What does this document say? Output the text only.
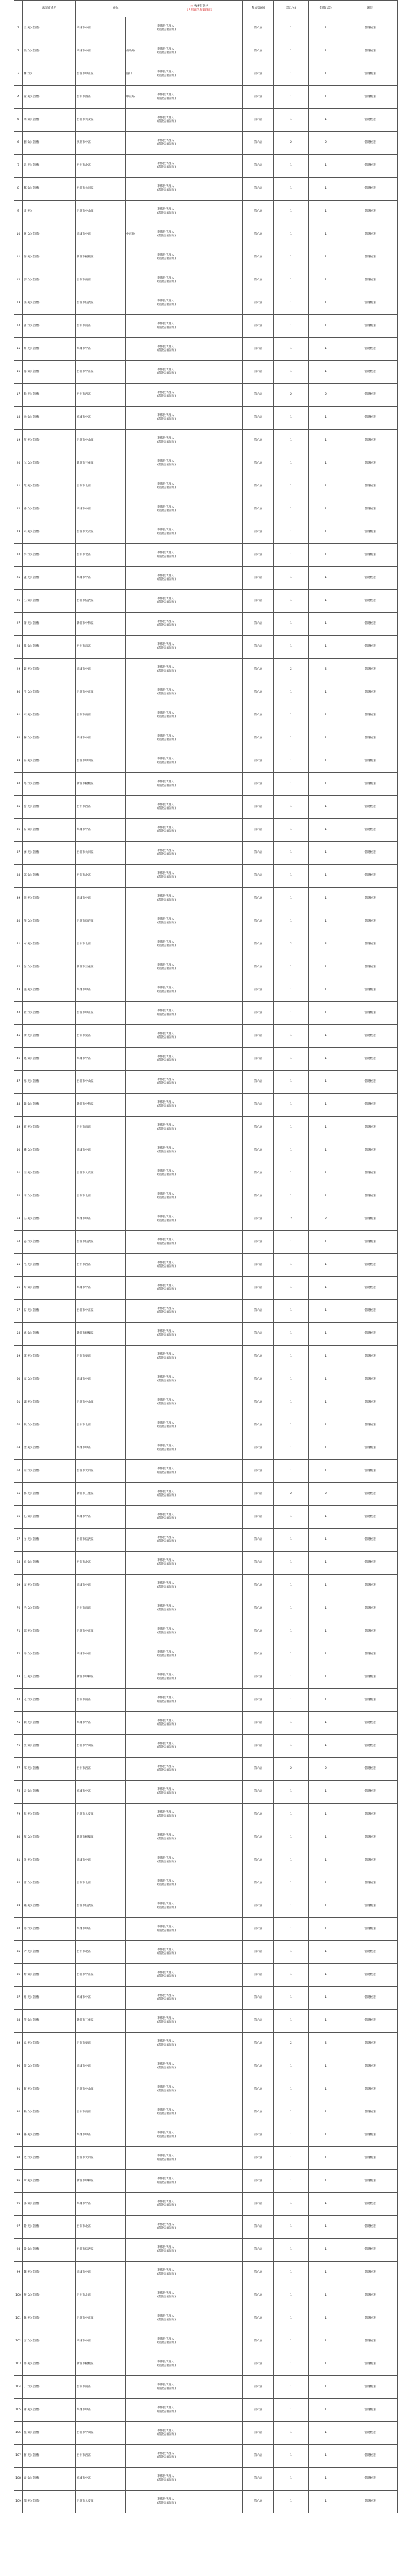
	法案者姓名	住址		＊ 致委任者名
(大智區代表第四區)	參加第X屆	票(1%)	全體(1票)	附註
1	王(男)(全體)	高雄市中區		李伟股代理人
(當說話)(請加)	第六屆	1	1	當選候選
2	張(女)(全體)	高雄市中區	成功路	李伟股代理人
(當說話)(請加)	第六屆	1	1	當選候選
3	林(女)	台北市中正區	路口	李伟股代理人
(當說話)(請加)	第六屆	1	1	當選候選
4	黃(男)(全體)	台中市西區	中正路	李伟股代理人
(當說話)(請加)	第六屆	1	1	當選候選
5	陳(女)(全體)	台北市大安區		李伟股代理人
(當說話)(請加)	第六屆	1	1	當選候選
6	劉(女)(全體)	桃園市中區		李伟股代理人
(當說話)(請加)	第六屆	2	2	當選候選
7	吳(男)(全體)	台中市北區		李伟股代理人
(當說話)(請加)	第六屆	1	1	當選候選
8	鄭(女)(全體)	台北市大同區		李伟股代理人
(當說話)(請加)	第六屆	1	1	當選候選
9	周(男)	台北市中山區		李伟股代理人
(當說話)(請加)	第六屆	1	1	當選候選
10	謝(女)(全體)	高雄市中區	中正路	李伟股代理人
(當說話)(請加)	第六屆	1	1	當選候選
11	許(男)(全體)	新北市板橋區		李伟股代理人
(當說話)(請加)	第六屆	1	1	當選候選
12	郭(女)(全體)	台南市東區		李伟股代理人
(當說話)(請加)	第六屆	1	1	當選候選
13	洪(男)(全體)	台北市信義區		李伟股代理人
(當說話)(請加)	第六屆	1	1	當選候選
14	曾(女)(全體)	台中市南區		李伟股代理人
(當說話)(請加)	第六屆	1	1	當選候選
15	蔡(男)(全體)	高雄市中區		李伟股代理人
(當說話)(請加)	第六屆	1	1	當選候選
16	楊(女)(全體)	台北市中正區		李伟股代理人
(當說話)(請加)	第六屆	1	1	當選候選
17	賴(男)(全體)	台中市西區		李伟股代理人
(當說話)(請加)	第六屆	2	2	當選候選
18	徐(女)(全體)	高雄市中區		李伟股代理人
(當說話)(請加)	第六屆	1	1	當選候選
19	何(男)(全體)	台北市中山區		李伟股代理人
(當說話)(請加)	第六屆	1	1	當選候選
20	沈(女)(全體)	新北市三重區		李伟股代理人
(當說話)(請加)	第六屆	1	1	當選候選
21	范(男)(全體)	台南市北區		李伟股代理人
(當說話)(請加)	第六屆	1	1	當選候選
22	潘(女)(全體)	高雄市中區		李伟股代理人
(當說話)(請加)	第六屆	1	1	當選候選
23	朱(男)(全體)	台北市大安區		李伟股代理人
(當說話)(請加)	第六屆	1	1	當選候選
24	彭(女)(全體)	台中市北區		李伟股代理人
(當說話)(請加)	第六屆	1	1	當選候選
25	盧(男)(全體)	高雄市中區		李伟股代理人
(當說話)(請加)	第六屆	1	1	當選候選
26	江(女)(全體)	台北市信義區		李伟股代理人
(當說話)(請加)	第六屆	1	1	當選候選
27	蕭(男)(全體)	新北市中和區		李伟股代理人
(當說話)(請加)	第六屆	1	1	當選候選
28	羅(女)(全體)	台中市南區		李伟股代理人
(當說話)(請加)	第六屆	1	1	當選候選
29	葉(男)(全體)	高雄市中區		李伟股代理人
(當說話)(請加)	第六屆	2	2	當選候選
30	呂(女)(全體)	台北市中正區		李伟股代理人
(當說話)(請加)	第六屆	1	1	當選候選
31	宋(男)(全體)	台南市東區		李伟股代理人
(當說話)(請加)	第六屆	1	1	當選候選
32	蘇(女)(全體)	高雄市中區		李伟股代理人
(當說話)(請加)	第六屆	1	1	當選候選
33	莊(男)(全體)	台北市中山區		李伟股代理人
(當說話)(請加)	第六屆	1	1	當選候選
34	高(女)(全體)	新北市板橋區		李伟股代理人
(當說話)(請加)	第六屆	1	1	當選候選
35	游(男)(全體)	台中市西區		李伟股代理人
(當說話)(請加)	第六屆	1	1	當選候選
36	石(女)(全體)	高雄市中區		李伟股代理人
(當說話)(請加)	第六屆	1	1	當選候選
37	廖(男)(全體)	台北市大同區		李伟股代理人
(當說話)(請加)	第六屆	1	1	當選候選
38	邱(女)(全體)	台南市北區		李伟股代理人
(當說話)(請加)	第六屆	1	1	當選候選
39	簡(男)(全體)	高雄市中區		李伟股代理人
(當說話)(請加)	第六屆	1	1	當選候選
40	傅(女)(全體)	台北市信義區		李伟股代理人
(當說話)(請加)	第六屆	1	1	當選候選
41	方(男)(全體)	台中市北區		李伟股代理人
(當說話)(請加)	第六屆	2	2	當選候選
42	詹(女)(全體)	新北市三重區		李伟股代理人
(當說話)(請加)	第六屆	1	1	當選候選
43	施(男)(全體)	高雄市中區		李伟股代理人
(當說話)(請加)	第六屆	1	1	當選候選
44	杜(女)(全體)	台北市中正區		李伟股代理人
(當說話)(請加)	第六屆	1	1	當選候選
45	余(男)(全體)	台南市東區		李伟股代理人
(當說話)(請加)	第六屆	1	1	當選候選
46	姚(女)(全體)	高雄市中區		李伟股代理人
(當說話)(請加)	第六屆	1	1	當選候選
47	馮(男)(全體)	台北市中山區		李伟股代理人
(當說話)(請加)	第六屆	1	1	當選候選
48	戴(女)(全體)	新北市中和區		李伟股代理人
(當說話)(請加)	第六屆	1	1	當選候選
49	夏(男)(全體)	台中市南區		李伟股代理人
(當說話)(請加)	第六屆	1	1	當選候選
50	鍾(女)(全體)	高雄市中區		李伟股代理人
(當說話)(請加)	第六屆	1	1	當選候選
51	汪(男)(全體)	台北市大安區		李伟股代理人
(當說話)(請加)	第六屆	1	1	當選候選
52	田(女)(全體)	台南市北區		李伟股代理人
(當說話)(請加)	第六屆	1	1	當選候選
53	任(男)(全體)	高雄市中區		李伟股代理人
(當說話)(請加)	第六屆	2	2	當選候選
54	姜(女)(全體)	台北市信義區		李伟股代理人
(當說話)(請加)	第六屆	1	1	當選候選
55	范(男)(全體)	台中市西區		李伟股代理人
(當說話)(請加)	第六屆	1	1	當選候選
56	方(女)(全體)	高雄市中區		李伟股代理人
(當說話)(請加)	第六屆	1	1	當選候選
57	石(男)(全體)	台北市中正區		李伟股代理人
(當說話)(請加)	第六屆	1	1	當選候選
58	姚(女)(全體)	新北市板橋區		李伟股代理人
(當說話)(請加)	第六屆	1	1	當選候選
59	譚(男)(全體)	台南市東區		李伟股代理人
(當說話)(請加)	第六屆	1	1	當選候選
60	廖(女)(全體)	高雄市中區		李伟股代理人
(當說話)(請加)	第六屆	1	1	當選候選
61	鄒(男)(全體)	台北市中山區		李伟股代理人
(當說話)(請加)	第六屆	1	1	當選候選
62	熊(女)(全體)	台中市北區		李伟股代理人
(當說話)(請加)	第六屆	1	1	當選候選
63	金(男)(全體)	高雄市中區		李伟股代理人
(當說話)(請加)	第六屆	1	1	當選候選
64	陸(女)(全體)	台北市大同區		李伟股代理人
(當說話)(請加)	第六屆	1	1	當選候選
65	郝(男)(全體)	新北市三重區		李伟股代理人
(當說話)(請加)	第六屆	2	2	當選候選
66	孔(女)(全體)	高雄市中區		李伟股代理人
(當說話)(請加)	第六屆	1	1	當選候選
67	白(男)(全體)	台北市信義區		李伟股代理人
(當說話)(請加)	第六屆	1	1	當選候選
68	崔(女)(全體)	台南市北區		李伟股代理人
(當說話)(請加)	第六屆	1	1	當選候選
69	康(男)(全體)	高雄市中區		李伟股代理人
(當說話)(請加)	第六屆	1	1	當選候選
70	毛(女)(全體)	台中市南區		李伟股代理人
(當說話)(請加)	第六屆	1	1	當選候選
71	邱(男)(全體)	台北市中正區		李伟股代理人
(當說話)(請加)	第六屆	1	1	當選候選
72	秦(女)(全體)	高雄市中區		李伟股代理人
(當說話)(請加)	第六屆	1	1	當選候選
73	江(男)(全體)	新北市中和區		李伟股代理人
(當說話)(請加)	第六屆	1	1	當選候選
74	史(女)(全體)	台南市東區		李伟股代理人
(當說話)(請加)	第六屆	1	1	當選候選
75	顧(男)(全體)	高雄市中區		李伟股代理人
(當說話)(請加)	第六屆	1	1	當選候選
76	侯(女)(全體)	台北市中山區		李伟股代理人
(當說話)(請加)	第六屆	1	1	當選候選
77	邵(男)(全體)	台中市西區		李伟股代理人
(當說話)(請加)	第六屆	2	2	當選候選
78	孟(女)(全體)	高雄市中區		李伟股代理人
(當說話)(請加)	第六屆	1	1	當選候選
79	龍(男)(全體)	台北市大安區		李伟股代理人
(當說話)(請加)	第六屆	1	1	當選候選
80	萬(女)(全體)	新北市板橋區		李伟股代理人
(當說話)(請加)	第六屆	1	1	當選候選
81	段(男)(全體)	高雄市中區		李伟股代理人
(當說話)(請加)	第六屆	1	1	當選候選
82	雷(女)(全體)	台南市北區		李伟股代理人
(當說話)(請加)	第六屆	1	1	當選候選
83	錢(男)(全體)	台北市信義區		李伟股代理人
(當說話)(請加)	第六屆	1	1	當選候選
84	湯(女)(全體)	高雄市中區		李伟股代理人
(當說話)(請加)	第六屆	1	1	當選候選
85	尹(男)(全體)	台中市北區		李伟股代理人
(當說話)(請加)	第六屆	1	1	當選候選
86	黎(女)(全體)	台北市中正區		李伟股代理人
(當說話)(請加)	第六屆	1	1	當選候選
87	易(男)(全體)	高雄市中區		李伟股代理人
(當說話)(請加)	第六屆	1	1	當選候選
88	常(女)(全體)	新北市三重區		李伟股代理人
(當說話)(請加)	第六屆	1	1	當選候選
89	武(男)(全體)	台南市東區		李伟股代理人
(當說話)(請加)	第六屆	2	2	當選候選
90	喬(女)(全體)	高雄市中區		李伟股代理人
(當說話)(請加)	第六屆	1	1	當選候選
91	賀(男)(全體)	台北市中山區		李伟股代理人
(當說話)(請加)	第六屆	1	1	當選候選
92	賴(女)(全體)	台中市南區		李伟股代理人
(當說話)(請加)	第六屆	1	1	當選候選
93	龔(男)(全體)	高雄市中區		李伟股代理人
(當說話)(請加)	第六屆	1	1	當選候選
94	文(女)(全體)	台北市大同區		李伟股代理人
(當說話)(請加)	第六屆	1	1	當選候選
95	章(男)(全體)	新北市中和區		李伟股代理人
(當說話)(請加)	第六屆	1	1	當選候選
96	鄧(女)(全體)	高雄市中區		李伟股代理人
(當說話)(請加)	第六屆	1	1	當選候選
97	費(男)(全體)	台南市北區		李伟股代理人
(當說話)(請加)	第六屆	1	1	當選候選
98	嚴(女)(全體)	台北市信義區		李伟股代理人
(當說話)(請加)	第六屆	1	1	當選候選
99	魏(男)(全體)	高雄市中區		李伟股代理人
(當說話)(請加)	第六屆	1	1	當選候選
100	蔣(女)(全體)	台中市北區		李伟股代理人
(當說話)(請加)	第六屆	1	1	當選候選
101	韓(男)(全體)	台北市中正區		李伟股代理人
(當說話)(請加)	第六屆	1	1	當選候選
102	唐(女)(全體)	高雄市中區		李伟股代理人
(當說話)(請加)	第六屆	1	1	當選候選
103	薛(男)(全體)	新北市板橋區		李伟股代理人
(當說話)(請加)	第六屆	1	1	當選候選
104	丁(女)(全體)	台南市東區		李伟股代理人
(當說話)(請加)	第六屆	1	1	當選候選
105	蕭(男)(全體)	高雄市中區		李伟股代理人
(當說話)(請加)	第六屆	1	1	當選候選
106	程(女)(全體)	台北市中山區		李伟股代理人
(當說話)(請加)	第六屆	1	1	當選候選
107	曹(男)(全體)	台中市西區		李伟股代理人
(當說話)(請加)	第六屆	1	1	當選候選
108	袁(女)(全體)	高雄市中區		李伟股代理人
(當說話)(請加)	第六屆	1	1	當選候選
109	鄧(男)(全體)	台北市大安區		李伟股代理人
(當說話)(請加)	第六屆	1	1	當選候選
